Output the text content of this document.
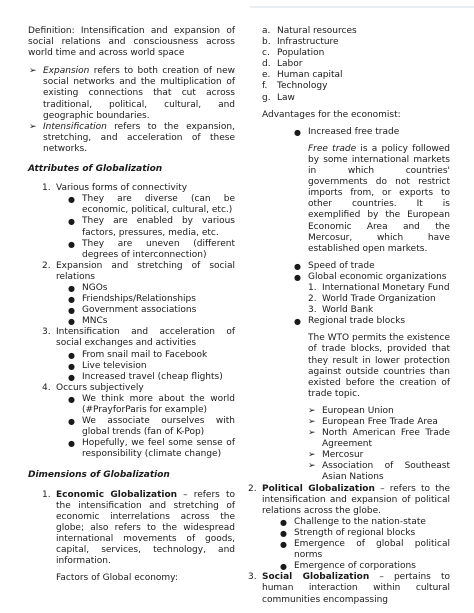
Definition: Intensification and expansion of social relations and consciousness across world time and across world space

➢ Expansion refers to both creation of new social networks and the multiplication of existing connections that cut across traditional, political, cultural, and geographic boundaries.
➢ Intensification refers to the expansion, stretching, and acceleration of these networks.

Attributes of Globalization

1. Various forms of connectivity
● They are diverse (can be economic, political, cultural, etc.)
● They are enabled by various factors, pressures, media, etc.
● They are uneven (different degrees of interconnection)
2. Expansion and stretching of social relations
● NGOs
● Friendships/Relationships
● Government associations
● MNCs
3. Intensification and acceleration of social exchanges and activities
● From snail mail to Facebook
● Live television
● Increased travel (cheap flights)
4. Occurs subjectively
● We think more about the world (#PrayforParis for example)
● We associate ourselves with global trends (fan of K-Pop)
● Hopefully, we feel some sense of responsibility (climate change)

Dimensions of Globalization

1. Economic Globalization – refers to the intensification and stretching of economic interrelations across the globe; also refers to the widespread international movements of goods, capital, services, technology, and information.

Factors of Global economy:

a. Natural resources
b. Infrastructure
c. Population
d. Labor
e. Human capital
f.	Technology
g. Law

Advantages for the economist:

● Increased free trade

Free trade is a policy followed by some international markets in which countries' governments do not restrict imports from, or exports to other countries. It is exemplified by the European Economic Area and the Mercosur, which have established open markets.

● Speed of trade
● Global economic organizations
1. International Monetary Fund
2. World Trade Organization
3. World Bank
● Regional trade blocks

The WTO permits the existence of trade blocks, provided that they result in lower protection against outside countries than existed before the creation of trade topic.

➢ European Union
➢ European Free Trade Area
➢ North American Free Trade Agreement
➢ Mercosur
➢ Association of Southeast Asian Nations
2. Political Globalization – refers to the intensification and expansion of political relations across the globe.
● Challenge to the nation-state
● Strength of regional blocks
● Emergence of global political norms
● Emergence of corporations
3. Social Globalization – pertains to human interaction within cultural communities encompassing
